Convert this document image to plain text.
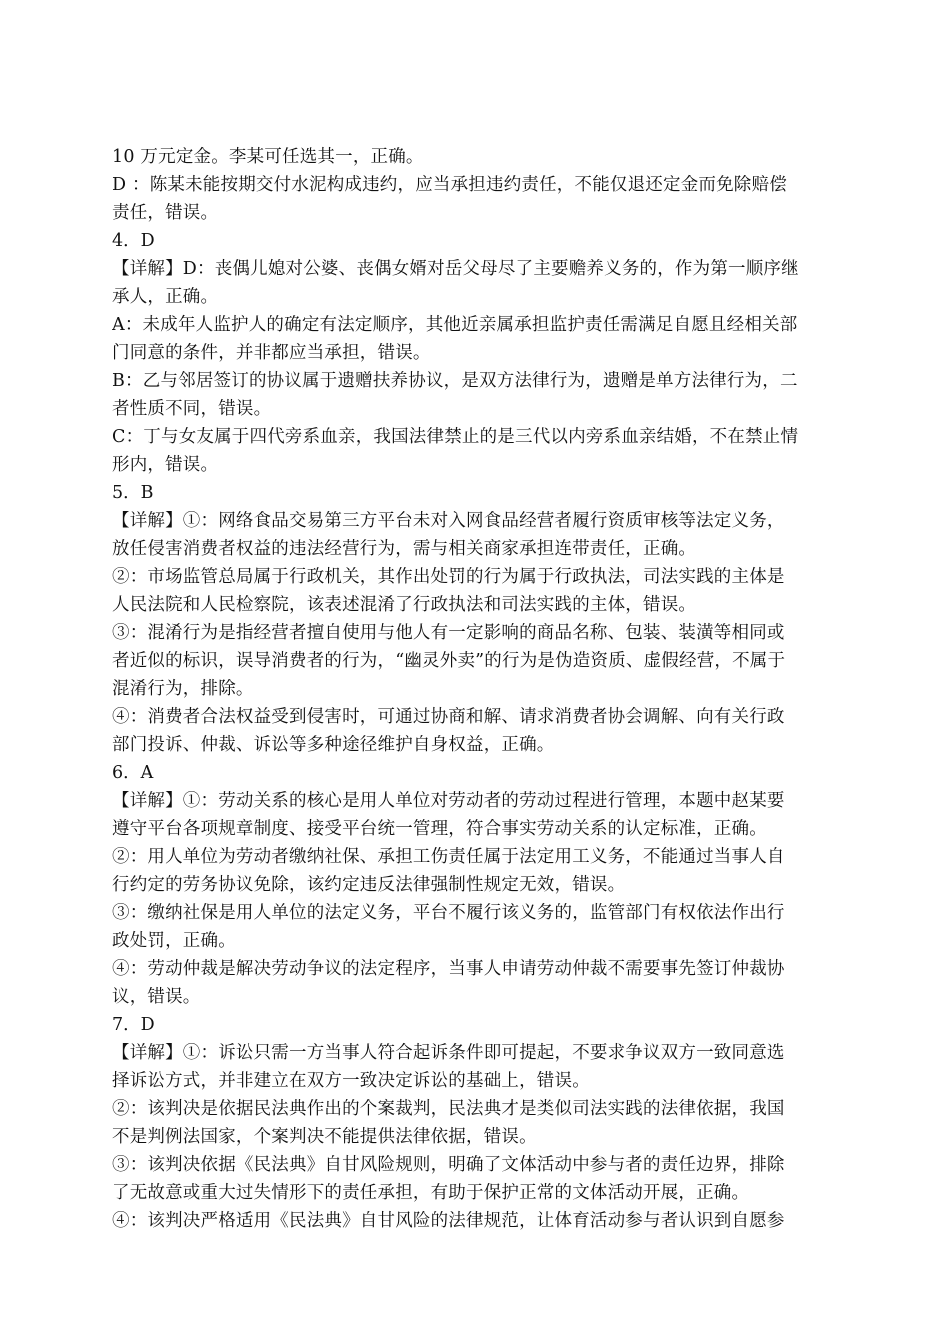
10 万元定金。李某可任选其一，正确。
D ：陈某未能按期交付水泥构成违约，应当承担违约责任，不能仅退还定金而免除赔偿
责任，错误。
4．D
【详解】D：丧偶儿媳对公婆、丧偶女婿对岳父母尽了主要赡养义务的，作为第一顺序继
承人，正确。
A：未成年人监护人的确定有法定顺序，其他近亲属承担监护责任需满足自愿且经相关部
门同意的条件，并非都应当承担，错误。
B：乙与邻居签订的协议属于遗赠扶养协议，是双方法律行为，遗赠是单方法律行为，二
者性质不同，错误。
C：丁与女友属于四代旁系血亲，我国法律禁止的是三代以内旁系血亲结婚，不在禁止情
形内，错误。
5．B
【详解】①：网络食品交易第三方平台未对入网食品经营者履行资质审核等法定义务，
放任侵害消费者权益的违法经营行为，需与相关商家承担连带责任，正确。
②：市场监管总局属于行政机关，其作出处罚的行为属于行政执法，司法实践的主体是
人民法院和人民检察院，该表述混淆了行政执法和司法实践的主体，错误。
③：混淆行为是指经营者擅自使用与他人有一定影响的商品名称、包装、装潢等相同或
者近似的标识，误导消费者的行为，“幽灵外卖”的行为是伪造资质、虚假经营，不属于
混淆行为，排除。
④：消费者合法权益受到侵害时，可通过协商和解、请求消费者协会调解、向有关行政
部门投诉、仲裁、诉讼等多种途径维护自身权益，正确。
6．A
【详解】①：劳动关系的核心是用人单位对劳动者的劳动过程进行管理，本题中赵某要
遵守平台各项规章制度、接受平台统一管理，符合事实劳动关系的认定标准，正确。
②：用人单位为劳动者缴纳社保、承担工伤责任属于法定用工义务，不能通过当事人自
行约定的劳务协议免除，该约定违反法律强制性规定无效，错误。
③：缴纳社保是用人单位的法定义务，平台不履行该义务的，监管部门有权依法作出行
政处罚，正确。
④：劳动仲裁是解决劳动争议的法定程序，当事人申请劳动仲裁不需要事先签订仲裁协
议，错误。
7．D
【详解】①：诉讼只需一方当事人符合起诉条件即可提起，不要求争议双方一致同意选
择诉讼方式，并非建立在双方一致决定诉讼的基础上，错误。
②：该判决是依据民法典作出的个案裁判，民法典才是类似司法实践的法律依据，我国
不是判例法国家，个案判决不能提供法律依据，错误。
③：该判决依据《民法典》自甘风险规则，明确了文体活动中参与者的责任边界，排除
了无故意或重大过失情形下的责任承担，有助于保护正常的文体活动开展，正确。
④：该判决严格适用《民法典》自甘风险的法律规范，让体育活动参与者认识到自愿参
